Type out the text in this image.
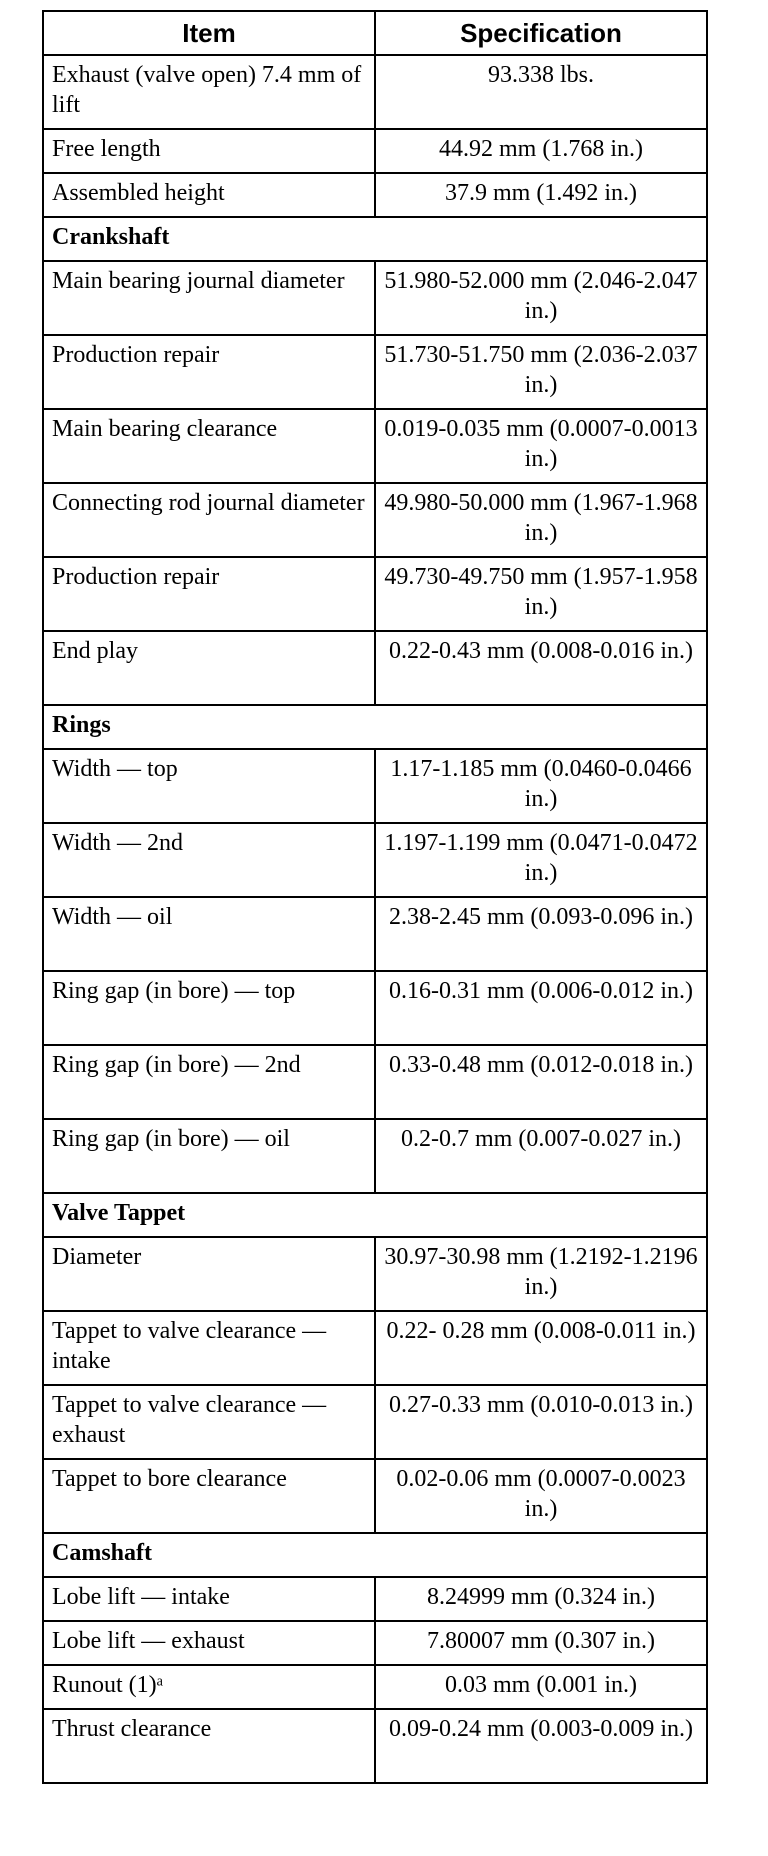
Item	Specification

Exhaust (valve open) 7.4 mm of lift	93.338 lbs.

Free length	44.92 mm (1.768 in.)

Assembled height	37.9 mm (1.492 in.)

Crankshaft	

Main bearing journal diameter	51.980-52.000 mm (2.046-2.047 in.)

Production repair	51.730-51.750 mm (2.036-2.037 in.)

Main bearing clearance	0.019-0.035 mm (0.0007-0.0013 in.)

Connecting rod journal diameter	49.980-50.000 mm (1.967-1.968 in.)

Production repair	49.730-49.750 mm (1.957-1.958 in.)

End play	0.22-0.43 mm (0.008-0.016 in.)

Rings	

Width — top	1.17-1.185 mm (0.0460-0.0466 in.)

Width — 2nd	1.197-1.199 mm (0.0471-0.0472 in.)

Width — oil	2.38-2.45 mm (0.093-0.096 in.)

Ring gap (in bore) — top	0.16-0.31 mm (0.006-0.012 in.)

Ring gap (in bore) — 2nd	0.33-0.48 mm (0.012-0.018 in.)

Ring gap (in bore) — oil	0.2-0.7 mm (0.007-0.027 in.)

Valve Tappet	

Diameter	30.97-30.98 mm (1.2192-1.2196 in.)

Tappet to valve clearance — intake	0.22- 0.28 mm (0.008-0.011 in.)

Tappet to valve clearance — exhaust	0.27-0.33 mm (0.010-0.013 in.)

Tappet to bore clearance	0.02-0.06 mm (0.0007-0.0023 in.)

Camshaft	

Lobe lift — intake	8.24999 mm (0.324 in.)

Lobe lift — exhaust	7.80007 mm (0.307 in.)

Runout (1)ᵃ	0.03 mm (0.001 in.)

Thrust clearance	0.09-0.24 mm (0.003-0.009 in.)
